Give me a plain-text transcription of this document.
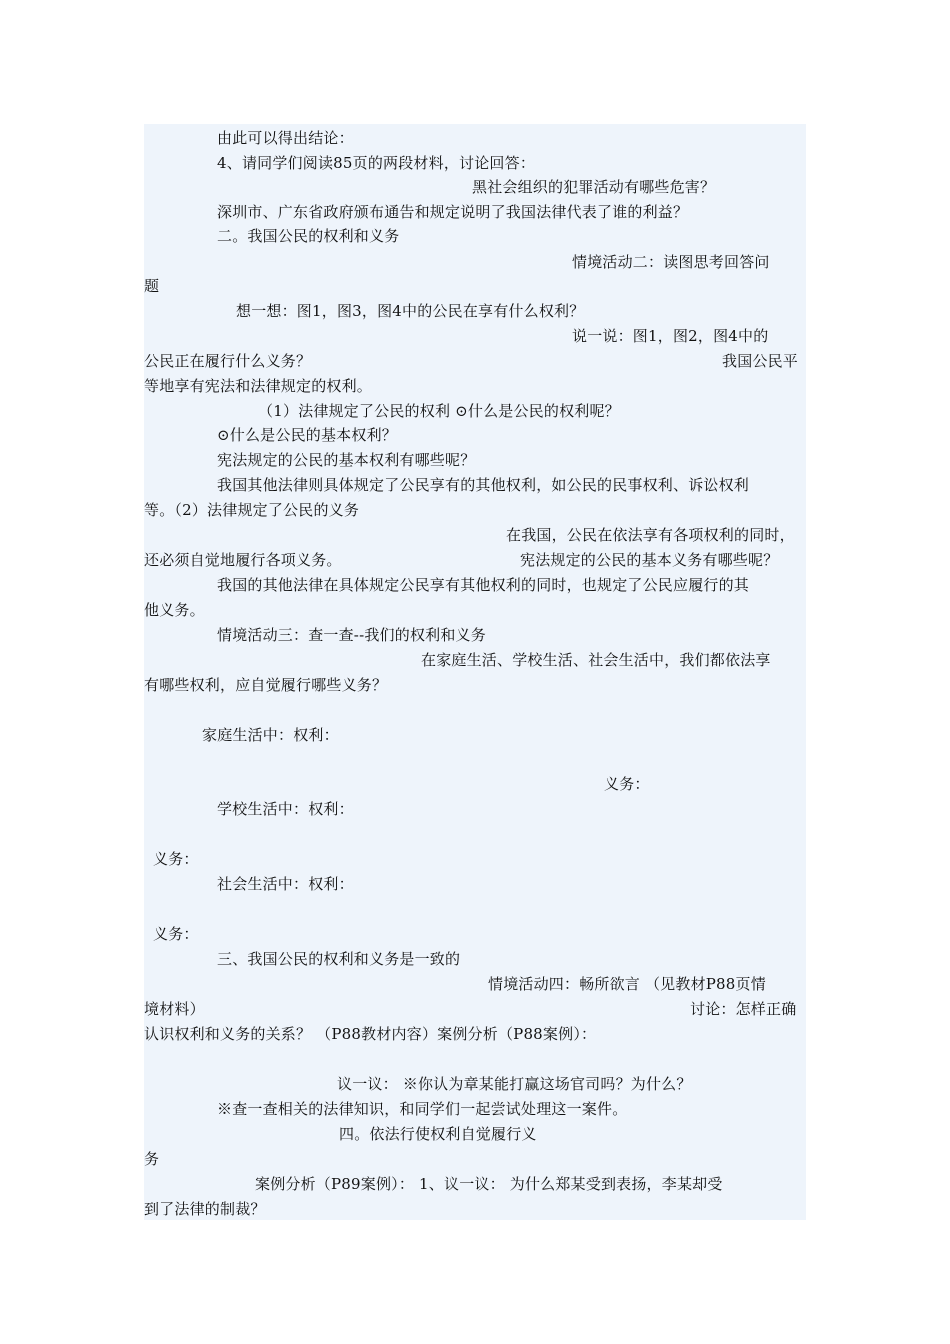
由此可以得出结论：
4、请同学们阅读85页的两段材料，讨论回答：
黑社会组织的犯罪活动有哪些危害？
深圳市、广东省政府颁布通告和规定说明了我国法律代表了谁的利益？
二。我国公民的权利和义务
情境活动二：读图思考回答问
题
想一想：图1，图3，图4中的公民在享有什么权利？
说一说：图1，图2，图4中的
公民正在履行什么义务？	我国公民平
等地享有宪法和法律规定的权利。
（1）法律规定了公民的权利 ⊙什么是公民的权利呢？
⊙什么是公民的基本权利？
宪法规定的公民的基本权利有哪些呢？
我国其他法律则具体规定了公民享有的其他权利，如公民的民事权利、诉讼权利
等。（2）法律规定了公民的义务
在我国，公民在依法享有各项权利的同时，
还必须自觉地履行各项义务。	宪法规定的公民的基本义务有哪些呢？
我国的其他法律在具体规定公民享有其他权利的同时，也规定了公民应履行的其
他义务。
情境活动三：查一查--我们的权利和义务
在家庭生活、学校生活、社会生活中，我们都依法享
有哪些权利，应自觉履行哪些义务？
家庭生活中：权利：
义务：
学校生活中：权利：
义务：
社会生活中：权利：
义务：
三、我国公民的权利和义务是一致的
情境活动四：畅所欲言 （见教材P88页情
境材料）	讨论：怎样正确
认识权利和义务的关系？ （P88教材内容）案例分析（P88案例）：
议一议： ※你认为章某能打赢这场官司吗？为什么？
※查一查相关的法律知识，和同学们一起尝试处理这一案件。
四。依法行使权利自觉履行义
务
案例分析（P89案例）： 1、议一议： 为什么郑某受到表扬，李某却受
到了法律的制裁？
